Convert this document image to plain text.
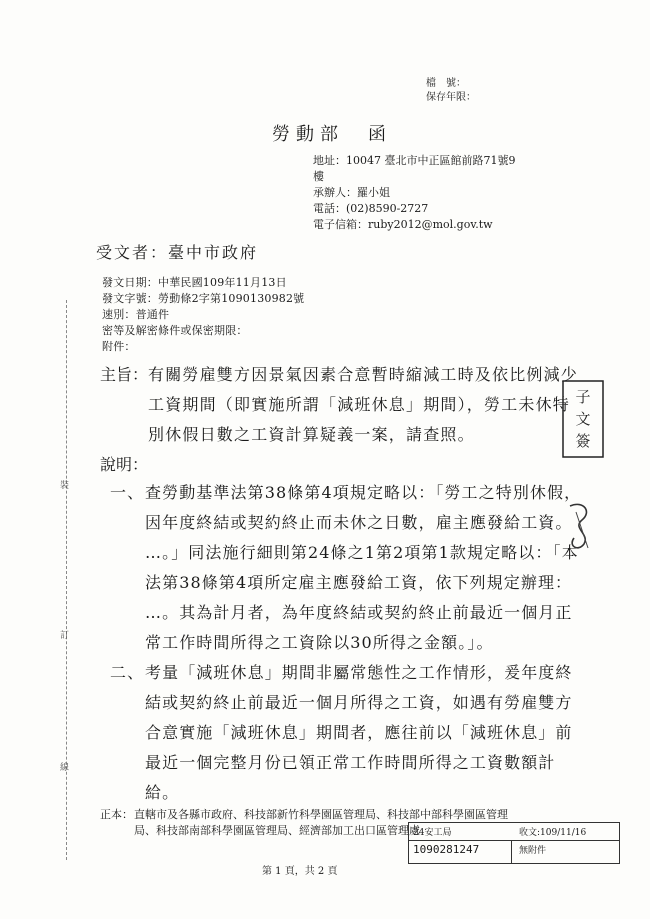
檔　號：
保存年限：
勞動部　函
地址：10047 臺北市中正區館前路71號9
樓
承辦人：羅小姐
電話：(02)8590-2727
電子信箱：ruby2012@mol.gov.tw
受文者：臺中市政府
發文日期：中華民國109年11月13日
發文字號：勞動條2字第1090130982號
速別：普通件
密等及解密條件或保密期限：
附件：
裝
訂
線
主旨： 有關勞雇雙方因景氣因素合意暫時縮減工時及依比例減少
工資期間（即實施所謂「減班休息」期間），勞工未休特
別休假日數之工資計算疑義一案，請查照。
子
文
簽
說明：
一、 查勞動基準法第38條第4項規定略以：「勞工之特別休假，
因年度終結或契約終止而未休之日數，雇主應發給工資。
…。」同法施行細則第24條之1第2項第1款規定略以：「本
法第38條第4項所定雇主應發給工資，依下列規定辦理：
…。其為計月者，為年度終結或契約終止前最近一個月正
常工作時間所得之工資除以30所得之金額。」。
二、 考量「減班休息」期間非屬常態性之工作情形，爰年度終
結或契約終止前最近一個月所得之工資，如遇有勞雇雙方
合意實施「減班休息」期間者，應往前以「減班休息」前
最近一個完整月份已領正常工作時間所得之工資數額計
給。
正本： 直轄市及各縣市政府、科技部新竹科學園區管理局、科技部中部科學園區管理
局、科技部南部科學園區管理局、經濟部加工出口區管理處
24安工局	收文:109/11/16
1090281247	無附件
第 1 頁，共 2 頁
